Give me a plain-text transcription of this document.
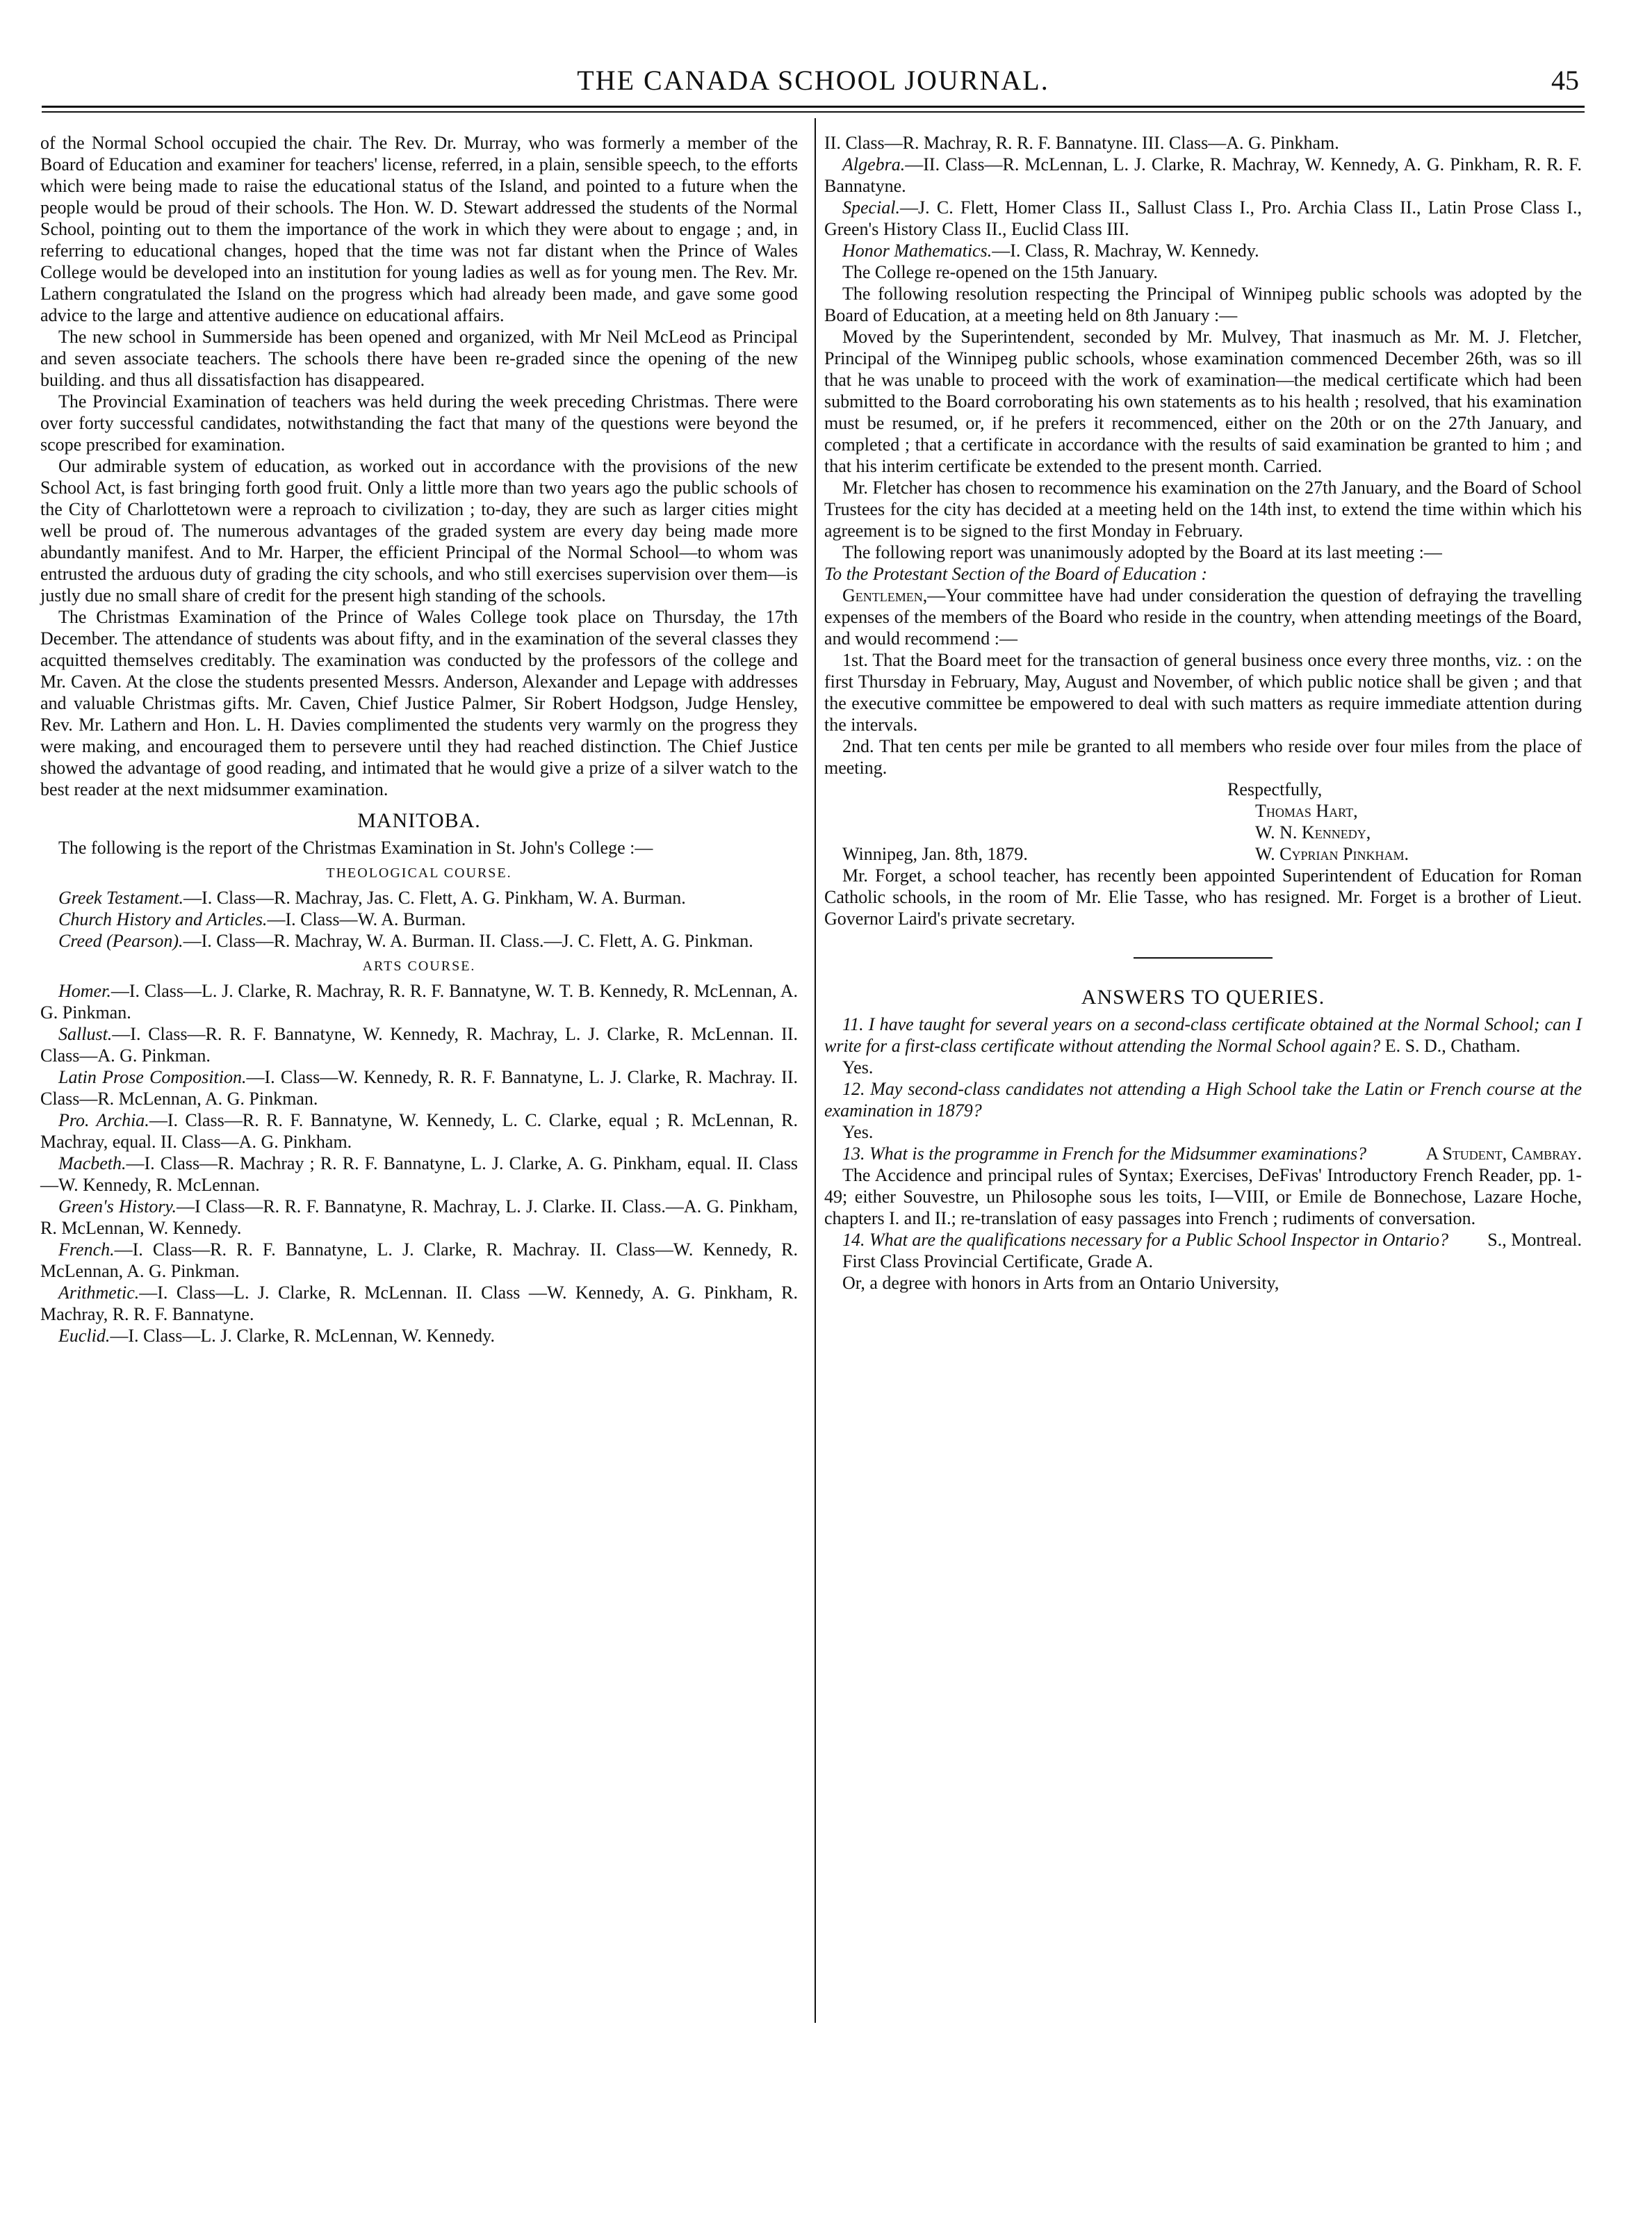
THE CANADA SCHOOL JOURNAL.	45

of the Normal School occupied the chair. The Rev. Dr. Murray, who was formerly a member of the Board of Education and examiner for teachers' license, referred, in a plain, sensible speech, to the efforts which were being made to raise the educational status of the Island, and pointed to a future when the people would be proud of their schools. The Hon. W. D. Stewart addressed the students of the Normal School, pointing out to them the importance of the work in which they were about to engage ; and, in referring to educational changes, hoped that the time was not far distant when the Prince of Wales College would be developed into an institution for young ladies as well as for young men. The Rev. Mr. Lathern congratulated the Island on the progress which had already been made, and gave some good advice to the large and attentive audience on educational affairs.

The new school in Summerside has been opened and organized, with Mr Neil McLeod as Principal and seven associate teachers. The schools there have been re-graded since the opening of the new building. and thus all dissatisfaction has disappeared.

The Provincial Examination of teachers was held during the week preceding Christmas. There were over forty successful candidates, notwithstanding the fact that many of the questions were beyond the scope prescribed for examination.

Our admirable system of education, as worked out in accordance with the provisions of the new School Act, is fast bringing forth good fruit. Only a little more than two years ago the public schools of the City of Charlottetown were a reproach to civilization ; to-day, they are such as larger cities might well be proud of. The numerous advantages of the graded system are every day being made more abundantly manifest. And to Mr. Harper, the efficient Principal of the Normal School—to whom was entrusted the arduous duty of grading the city schools, and who still exercises supervision over them—is justly due no small share of credit for the present high standing of the schools.

The Christmas Examination of the Prince of Wales College took place on Thursday, the 17th December. The attendance of students was about fifty, and in the examination of the several classes they acquitted themselves creditably. The examination was conducted by the professors of the college and Mr. Caven. At the close the students presented Messrs. Anderson, Alexander and Lepage with addresses and valuable Christmas gifts. Mr. Caven, Chief Justice Palmer, Sir Robert Hodgson, Judge Hensley, Rev. Mr. Lathern and Hon. L. H. Davies complimented the students very warmly on the progress they were making, and encouraged them to persevere until they had reached distinction. The Chief Justice showed the advantage of good reading, and intimated that he would give a prize of a silver watch to the best reader at the next midsummer examination.

MANITOBA.

The following is the report of the Christmas Examination in St. John's College :—

THEOLOGICAL COURSE.

Greek Testament.—I. Class—R. Machray, Jas. C. Flett, A. G. Pinkham, W. A. Burman.

Church History and Articles.—I. Class—W. A. Burman.

Creed (Pearson).—I. Class—R. Machray, W. A. Burman. II. Class.—J. C. Flett, A. G. Pinkman.

ARTS COURSE.

Homer.—I. Class—L. J. Clarke, R. Machray, R. R. F. Bannatyne, W. T. B. Kennedy, R. McLennan, A. G. Pinkman.

Sallust.—I. Class—R. R. F. Bannatyne, W. Kennedy, R. Machray, L. J. Clarke, R. McLennan. II. Class—A. G. Pinkman.

Latin Prose Composition.—I. Class—W. Kennedy, R. R. F. Bannatyne, L. J. Clarke, R. Machray. II. Class—R. McLennan, A. G. Pinkman.

Pro. Archia.—I. Class—R. R. F. Bannatyne, W. Kennedy, L. C. Clarke, equal ; R. McLennan, R. Machray, equal. II. Class—A. G. Pinkham.

Macbeth.—I. Class—R. Machray ; R. R. F. Bannatyne, L. J. Clarke, A. G. Pinkham, equal. II. Class—W. Kennedy, R. McLennan.

Green's History.—I Class—R. R. F. Bannatyne, R. Machray, L. J. Clarke. II. Class.—A. G. Pinkham, R. McLennan, W. Kennedy.

French.—I. Class—R. R. F. Bannatyne, L. J. Clarke, R. Machray. II. Class—W. Kennedy, R. McLennan, A. G. Pinkman.

Arithmetic.—I. Class—L. J. Clarke, R. McLennan. II. Class —W. Kennedy, A. G. Pinkham, R. Machray, R. R. F. Bannatyne.

Euclid.—I. Class—L. J. Clarke, R. McLennan, W. Kennedy.

II. Class—R. Machray, R. R. F. Bannatyne. III. Class—A. G. Pinkham.

Algebra.—II. Class—R. McLennan, L. J. Clarke, R. Machray, W. Kennedy, A. G. Pinkham, R. R. F. Bannatyne.

Special.—J. C. Flett, Homer Class II., Sallust Class I., Pro. Archia Class II., Latin Prose Class I., Green's History Class II., Euclid Class III.

Honor Mathematics.—I. Class, R. Machray, W. Kennedy.

The College re-opened on the 15th January.

The following resolution respecting the Principal of Winnipeg public schools was adopted by the Board of Education, at a meeting held on 8th January :—

Moved by the Superintendent, seconded by Mr. Mulvey, That inasmuch as Mr. M. J. Fletcher, Principal of the Winnipeg public schools, whose examination commenced December 26th, was so ill that he was unable to proceed with the work of examination—the medical certificate which had been submitted to the Board corroborating his own statements as to his health ; resolved, that his examination must be resumed, or, if he prefers it recommenced, either on the 20th or on the 27th January, and completed ; that a certificate in accordance with the results of said examination be granted to him ; and that his interim certificate be extended to the present month. Carried.

Mr. Fletcher has chosen to recommence his examination on the 27th January, and the Board of School Trustees for the city has decided at a meeting held on the 14th inst, to extend the time within which his agreement is to be signed to the first Monday in February.

The following report was unanimously adopted by the Board at its last meeting :—

To the Protestant Section of the Board of Education :

Gentlemen,—Your committee have had under consideration the question of defraying the travelling expenses of the members of the Board who reside in the country, when attending meetings of the Board, and would recommend :—

1st. That the Board meet for the transaction of general business once every three months, viz. : on the first Thursday in February, May, August and November, of which public notice shall be given ; and that the executive committee be empowered to deal with such matters as require immediate attention during the intervals.

2nd. That ten cents per mile be granted to all members who reside over four miles from the place of meeting.

Respectfully,
Thomas Hart,
W. N. Kennedy,
Winnipeg, Jan. 8th, 1879.	W. Cyprian Pinkham.

Mr. Forget, a school teacher, has recently been appointed Superintendent of Education for Roman Catholic schools, in the room of Mr. Elie Tasse, who has resigned. Mr. Forget is a brother of Lieut. Governor Laird's private secretary.

ANSWERS TO QUERIES.

11. I have taught for several years on a second-class certificate obtained at the Normal School; can I write for a first-class certificate without attending the Normal School again? E. S. D., Chatham.

Yes.

12. May second-class candidates not attending a High School take the Latin or French course at the examination in 1879?

Yes.

13. What is the programme in French for the Midsummer examinations?	A Student, Cambray.

The Accidence and principal rules of Syntax; Exercises, DeFivas' Introductory French Reader, pp. 1-49; either Souvestre, un Philosophe sous les toits, I—VIII, or Emile de Bonnechose, Lazare Hoche, chapters I. and II.; re-translation of easy passages into French ; rudiments of conversation.

14. What are the qualifications necessary for a Public School Inspector in Ontario?	S., Montreal.

First Class Provincial Certificate, Grade A.

Or, a degree with honors in Arts from an Ontario University,
